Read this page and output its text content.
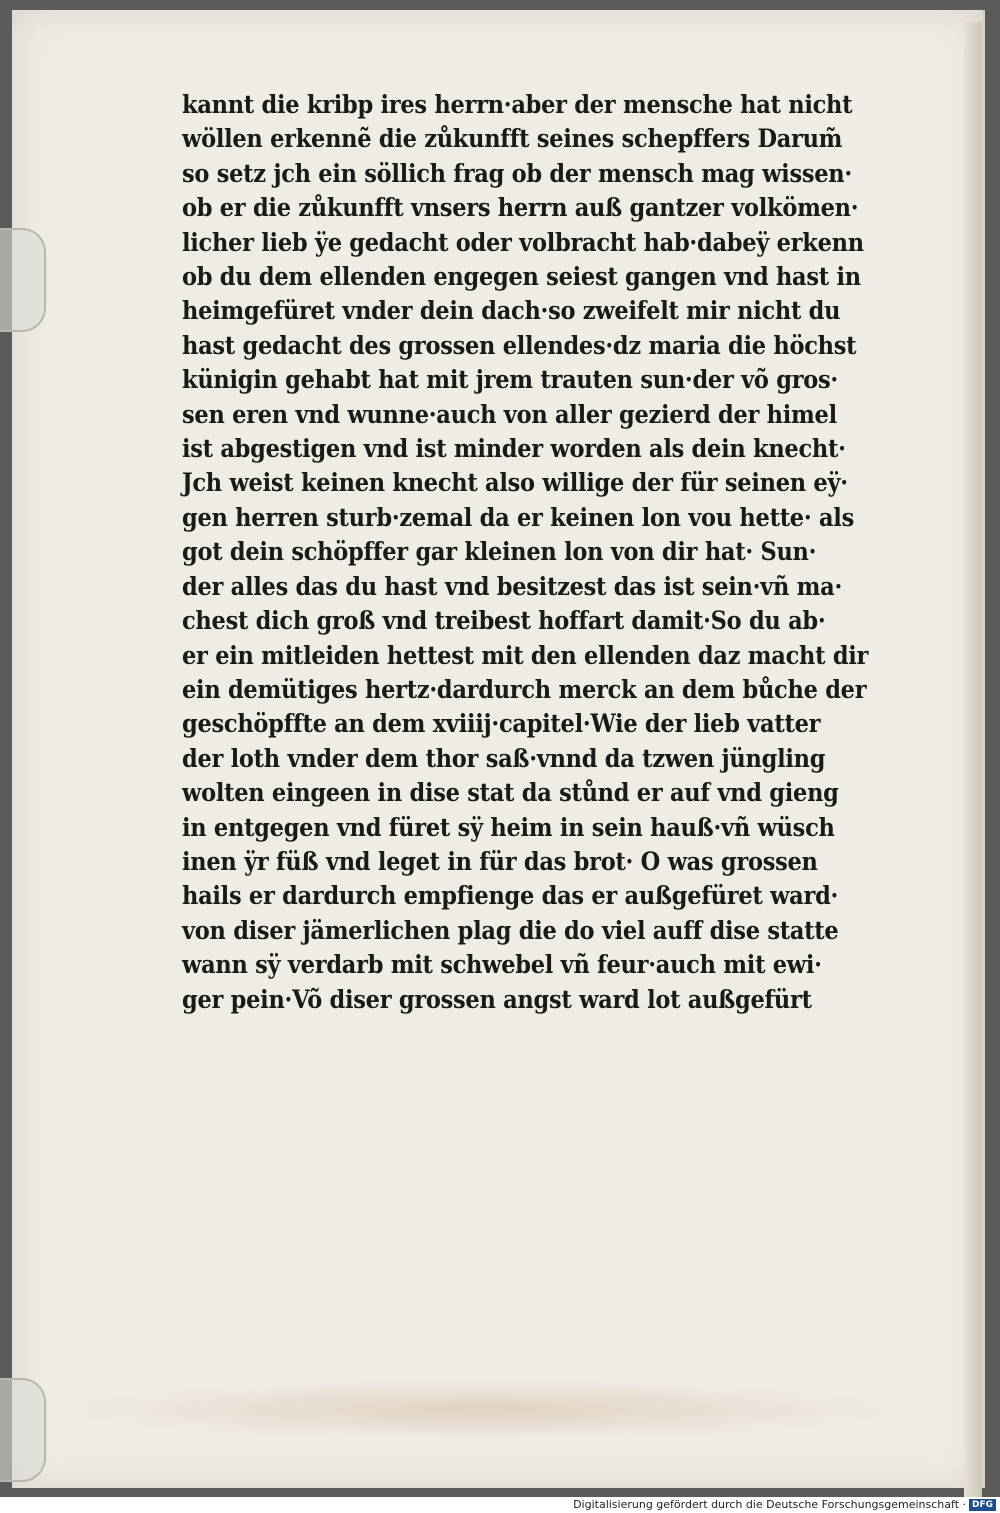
kannt die kribp ires herrn·aber der mensche hat nicht
wöllen erkennẽ die zůkunfft seines schepffers Darum̃
so setz jch ein söllich frag ob der mensch mag wissen·
ob er die zůkunfft vnsers herrn auß gantzer volkömen·
licher lieb ÿe gedacht oder volbracht hab·dabeÿ erkenn
ob du dem ellenden engegen seiest gangen vnd hast in
heimgefüret vnder dein dach·so zweifelt mir nicht du
hast gedacht des grossen ellendes·dz maria die höchst
künigin gehabt hat mit jrem trauten sun·der võ gros·
sen eren vnd wunne·auch von aller gezierd der himel
ist abgestigen vnd ist minder worden als dein knecht·
Jch weist keinen knecht also willige der für seinen eÿ·
gen herren sturb·zemal da er keinen lon vou hette· als
got dein schöpffer gar kleinen lon von dir hat· Sun·
der alles das du hast vnd besitzest das ist sein·vñ ma·
chest dich groß vnd treibest hoffart damit·So du ab·
er ein mitleiden hettest mit den ellenden daz macht dir
ein demütiges hertz·dardurch merck an dem bůche der
geschöpffte an dem xviiij·capitel·Wie der lieb vatter
der loth vnder dem thor saß·vnnd da tzwen jüngling
wolten eingeen in dise stat da stůnd er auf vnd gieng
in entgegen vnd füret sÿ heim in sein hauß·vñ wüsch
inen ÿr füß vnd leget in für das brot· O was grossen
hails er dardurch empfienge das er außgefüret ward·
von diser jämerlichen plag die do viel auff dise statte
wann sÿ verdarb mit schwebel vñ feur·auch mit ewi·
ger pein·Võ diser grossen angst ward lot außgefürt
Digitalisierung gefördert durch die Deutsche Forschungsgemeinschaft · DFG
